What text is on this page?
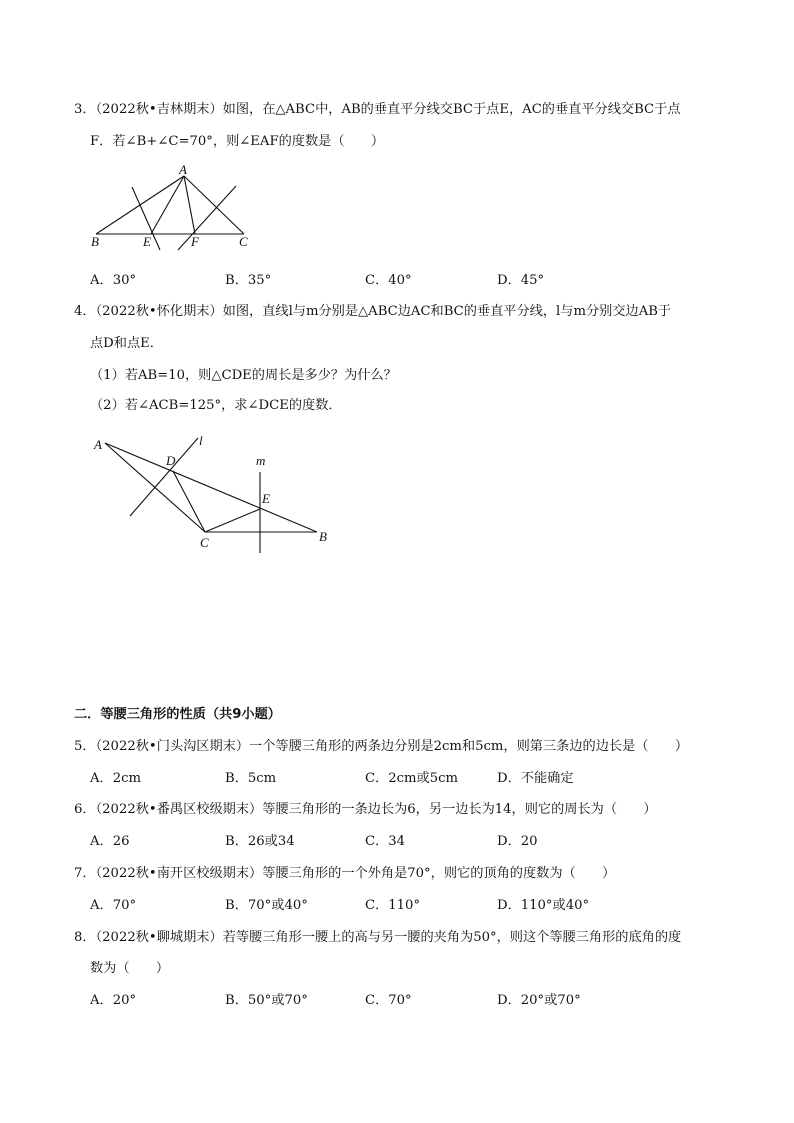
3．（2022秋•吉林期末）如图，在△ABC中，AB的垂直平分线交BC于点E，AC的垂直平分线交BC于点
F．若∠B+∠C=70°，则∠EAF的度数是（　　）
A
B	E	F	C
A．30°	B．35°	C．40°	D．45°
4．（2022秋•怀化期末）如图，直线l与m分别是△ABC边AC和BC的垂直平分线，l与m分别交边AB于
点D和点E．
（1）若AB=10，则△CDE的周长是多少？为什么？
（2）若∠ACB=125°，求∠DCE的度数．
A
D
l
m
E
C	B
二．等腰三角形的性质（共9小题）
5．（2022秋•门头沟区期末）一个等腰三角形的两条边分别是2cm和5cm，则第三条边的边长是（　　）
A．2cm	B．5cm	C．2cm或5cm	D．不能确定
6．（2022秋•番禺区校级期末）等腰三角形的一条边长为6，另一边长为14，则它的周长为（　　）
A．26	B．26或34	C．34	D．20
7．（2022秋•南开区校级期末）等腰三角形的一个外角是70°，则它的顶角的度数为（　　）
A．70°	B．70°或40°	C．110°	D．110°或40°
8．（2022秋•聊城期末）若等腰三角形一腰上的高与另一腰的夹角为50°，则这个等腰三角形的底角的度
数为（　　）
A．20°	B．50°或70°	C．70°	D．20°或70°
